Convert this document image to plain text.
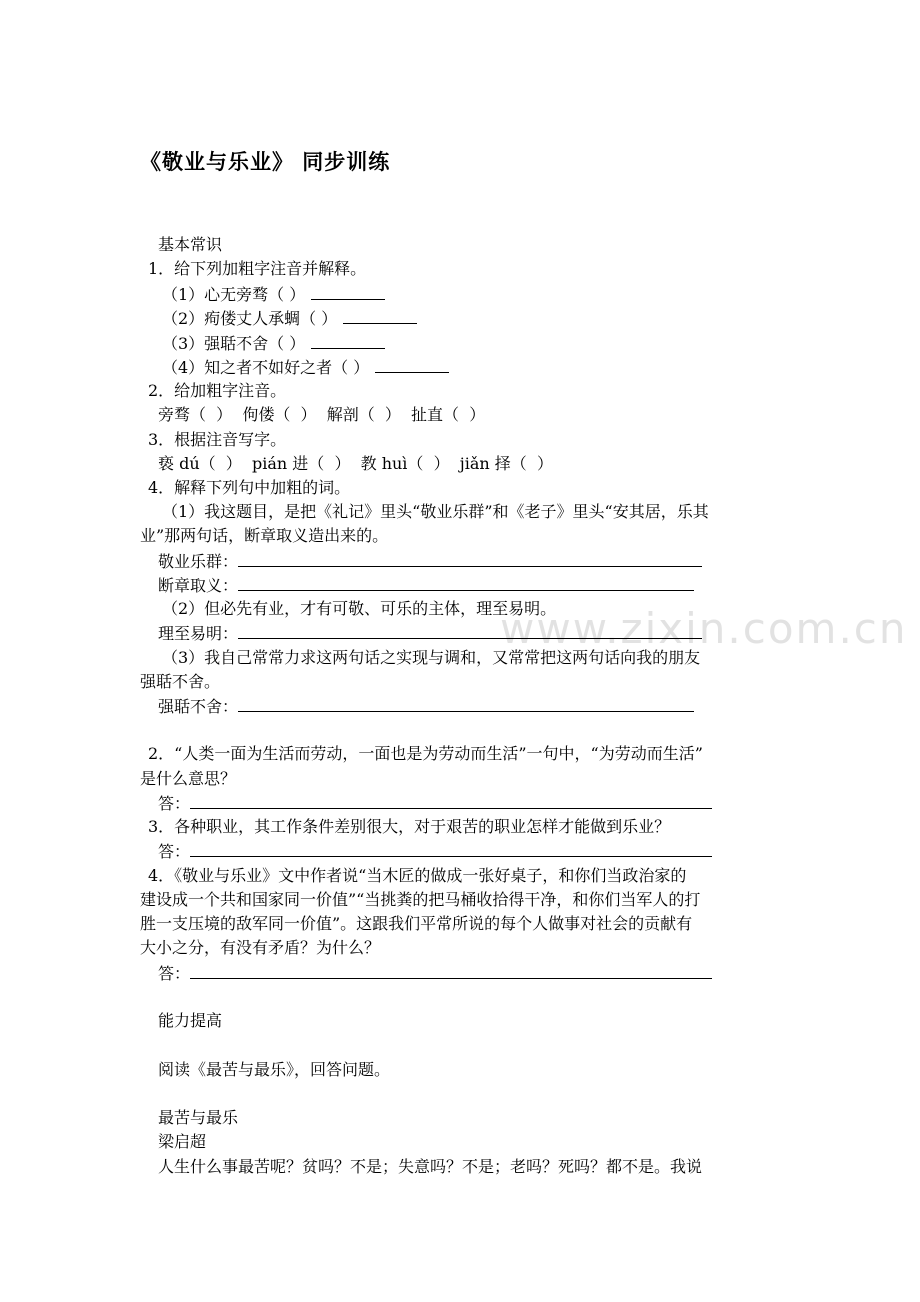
www.zixin.com.cn
《敬业与乐业》 同步训练
基本常识
1．给下列加粗字注音并解释。
（1）心无旁骛（ ）
（2）痀偻丈人承蜩（ ）
（3）强聒不舍（ ）
（4）知之者不如好之者（ ）
2．给加粗字注音。
旁骛（  ）  佝偻（  ）  解剖（  ）  扯直（  ）
3．根据注音写字。
亵 dú（  ）  pián 进（  ）  教 huì（  ）  jiǎn 择（  ）
4．解释下列句中加粗的词。
（1）我这题目，是把《礼记》里头“敬业乐群”和《老子》里头“安其居，乐其
业”那两句话，断章取义造出来的。
敬业乐群：
断章取义：
（2）但必先有业，才有可敬、可乐的主体，理至易明。
理至易明：
（3）我自己常常力求这两句话之实现与调和，又常常把这两句话向我的朋友
强聒不舍。
强聒不舍：
2．“人类一面为生活而劳动，一面也是为劳动而生活”一句中，“为劳动而生活”
是什么意思？
答：
3．各种职业，其工作条件差别很大，对于艰苦的职业怎样才能做到乐业？
答：
4．《敬业与乐业》文中作者说“当木匠的做成一张好桌子，和你们当政治家的
建设成一个共和国家同一价值”“当挑粪的把马桶收拾得干净，和你们当军人的打
胜一支压境的敌军同一价值”。这跟我们平常所说的每个人做事对社会的贡献有
大小之分，有没有矛盾？为什么？
答：
能力提高
阅读《最苦与最乐》，回答问题。
最苦与最乐
梁启超
人生什么事最苦呢？贫吗？不是；失意吗？不是；老吗？死吗？都不是。我说
